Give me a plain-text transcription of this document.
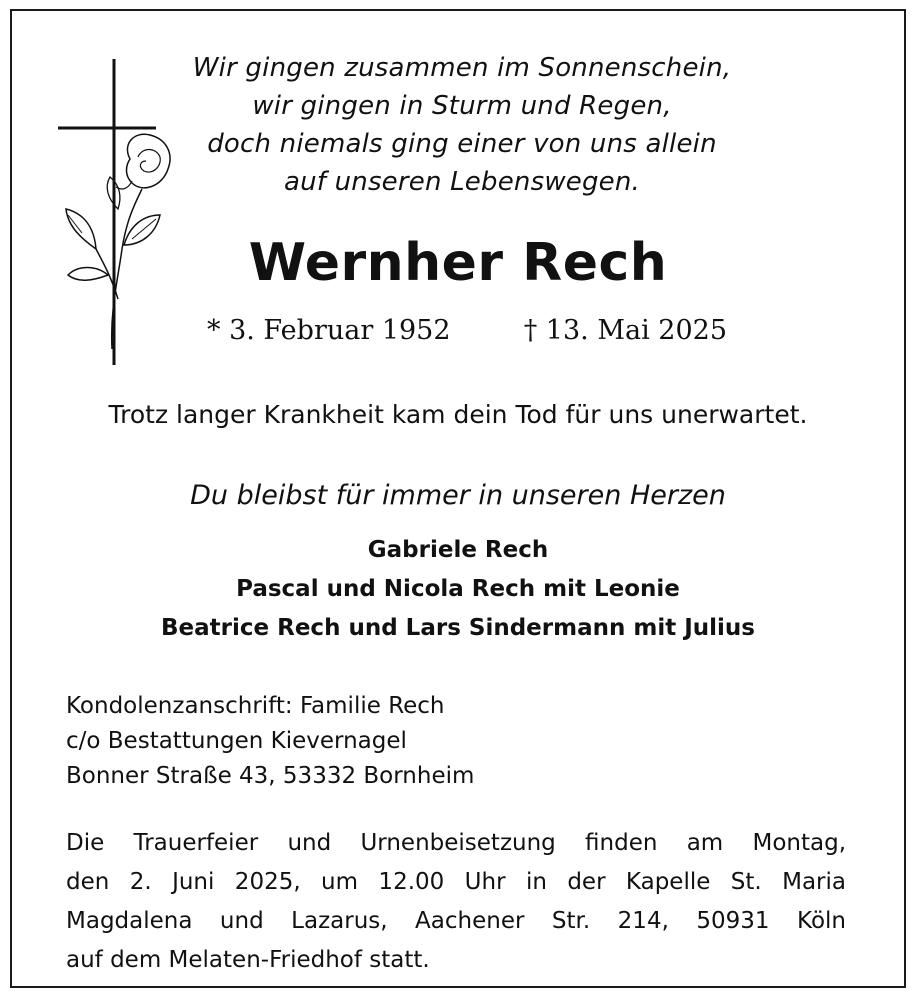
Wir gingen zusammen im Sonnenschein,
wir gingen in Sturm und Regen,
doch niemals ging einer von uns allein
auf unseren Lebenswegen.
Wernher Rech
* 3. Februar 1952	† 13. Mai 2025
Trotz langer Krankheit kam dein Tod für uns unerwartet.
Du bleibst für immer in unseren Herzen
Gabriele Rech
Pascal und Nicola Rech mit Leonie
Beatrice Rech und Lars Sindermann mit Julius
Kondolenzanschrift: Familie Rech
c/o Bestattungen Kievernagel
Bonner Straße 43, 53332 Bornheim
Die Trauerfeier und Urnenbeisetzung finden am Montag,
den 2. Juni 2025, um 12.00 Uhr in der Kapelle St. Maria
Magdalena und Lazarus, Aachener Str. 214, 50931 Köln
auf dem Melaten-Friedhof statt.
